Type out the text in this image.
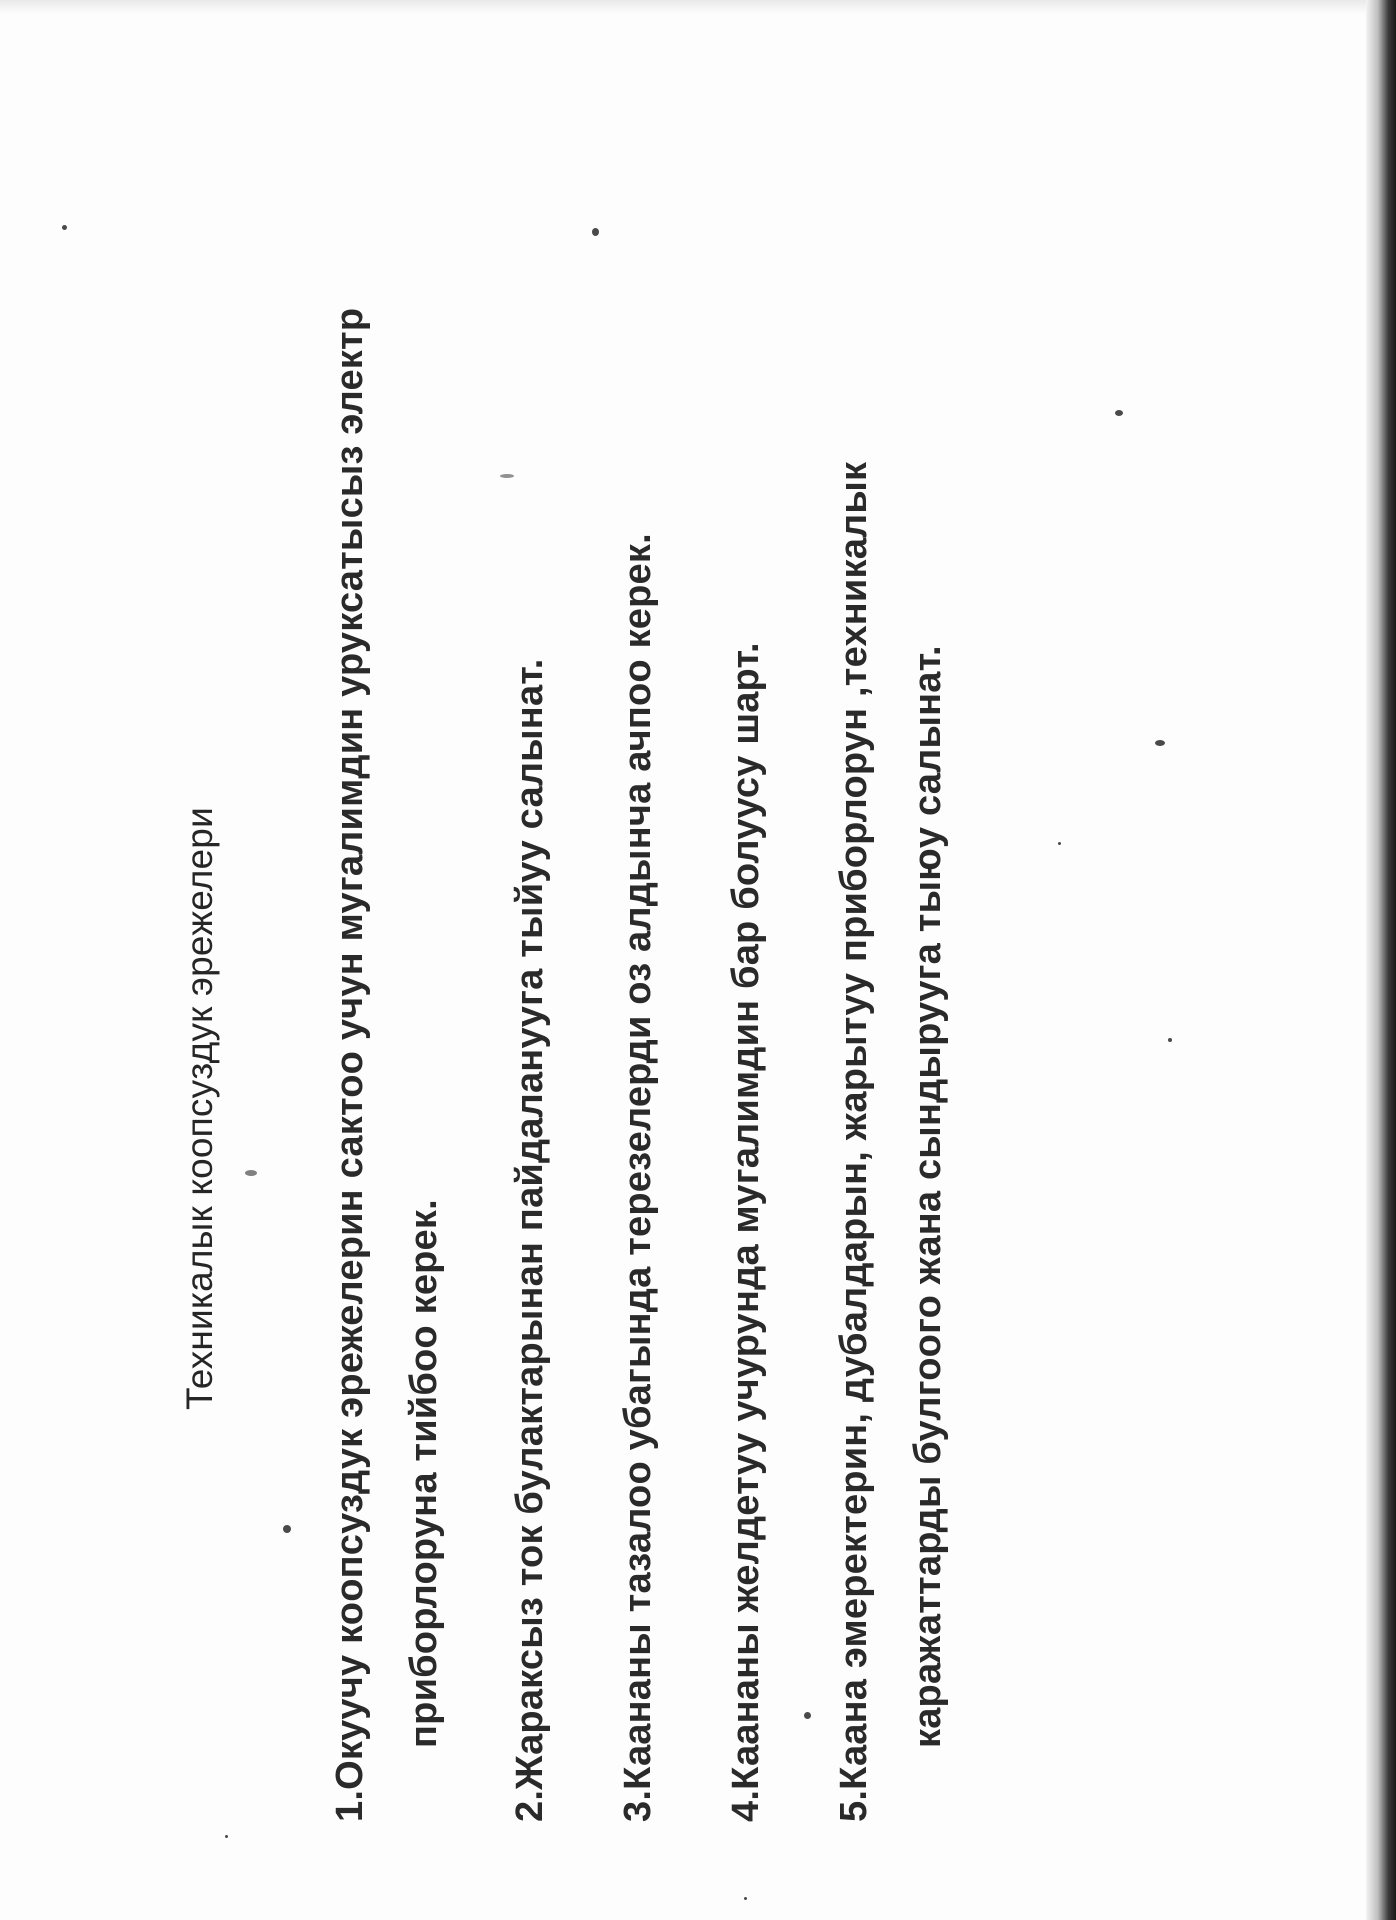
Техникалык коопсуздук эрежелери	1.Окуучу коопсуздук эрежелерин сактоо учун мугалимдин уруксатысыз электр приборлоруна тийбоо керек. 2.Жараксыз ток булактарынан пайдаланууга тыйуу салынат. 3.Каананы тазалоо убагында терезелерди оз алдынча ачпоо керек. 4.Каананы желдетуу учурунда мугалимдин бар болуусу шарт. 5.Каана эмеректерин, дубалдарын, жарытуу приборлорун ,техникалык каражаттарды булгоого жана сындырууга тыюу салынат.
